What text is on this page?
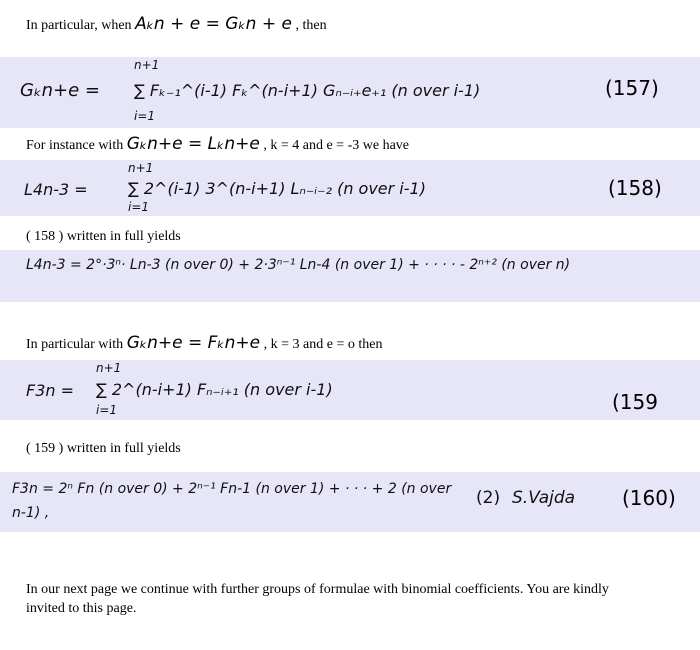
In particular, when Aₖn + e = Gₖn + e , then
Gₖn+e =
n+1
∑ Fₖ₋₁^(i-1) Fₖ^(n-i+1) Gₙ₋ᵢ₊e₊₁ (n over i-1)
i=1
(157)
For instance with Gₖn+e = Lₖn+e , k = 4 and e = -3 we have
L4n-3 =
n+1
∑ 2^(i-1) 3^(n-i+1) Lₙ₋ᵢ₋₂ (n over i-1)
i=1
(158)
( 158 ) written in full yields
L4n-3 = 2°·3ⁿ· Ln-3 (n over 0) + 2·3ⁿ⁻¹ Ln-4 (n over 1) + · · · · - 2ⁿ⁺² (n over n)
In particular with Gₖn+e = Fₖn+e , k = 3 and e = o then
F3n =
n+1
∑ 2^(n-i+1) Fₙ₋ᵢ₊₁ (n over i-1)
i=1	(159
( 159 ) written in full yields
F3n = 2ⁿ Fn (n over 0) + 2ⁿ⁻¹ Fn-1 (n over 1) + · · · + 2 (n over n-1) ,
(2) S.Vajda (160)
In our next page we continue with further groups of formulae with binomial coefficients. You are kindly invited to this page.
